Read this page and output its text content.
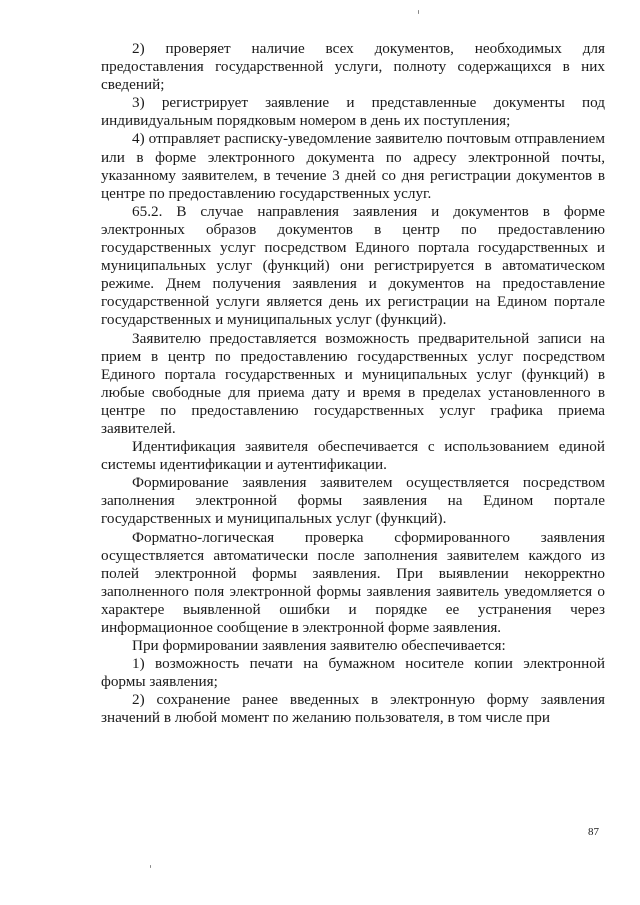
2) проверяет наличие всех документов, необходимых для предоставления государственной услуги, полноту содержащихся в них сведений;

3) регистрирует заявление и представленные документы под индивидуальным порядковым номером в день их поступления;

4) отправляет расписку-уведомление заявителю почтовым отправлением или в форме электронного документа по адресу электронной почты, указанному заявителем, в течение 3 дней со дня регистрации документов в центре по предоставлению государственных услуг.

65.2. В случае направления заявления и документов в форме электронных образов документов в центр по предоставлению государственных услуг посредством Единого портала государственных и муниципальных услуг (функций) они регистрируется в автоматическом режиме. Днем получения заявления и документов на предоставление государственной услуги является день их регистрации на Едином портале государственных и муниципальных услуг (функций).

Заявителю предоставляется возможность предварительной записи на прием в центр по предоставлению государственных услуг посредством Единого портала государственных и муниципальных услуг (функций) в любые свободные для приема дату и время в пределах установленного в центре по предоставлению государственных услуг графика приема заявителей.

Идентификация заявителя обеспечивается с использованием единой системы идентификации и аутентификации.

Формирование заявления заявителем осуществляется посредством заполнения электронной формы заявления на Едином портале государственных и муниципальных услуг (функций).

Форматно-логическая проверка сформированного заявления осуществляется автоматически после заполнения заявителем каждого из полей электронной формы заявления. При выявлении некорректно заполненного поля электронной формы заявления заявитель уведомляется о характере выявленной ошибки и порядке ее устранения через информационное сообщение в электронной форме заявления.

При формировании заявления заявителю обеспечивается:

1) возможность печати на бумажном носителе копии электронной формы заявления;

2) сохранение ранее введенных в электронную форму заявления значений в любой момент по желанию пользователя, в том числе при

87
